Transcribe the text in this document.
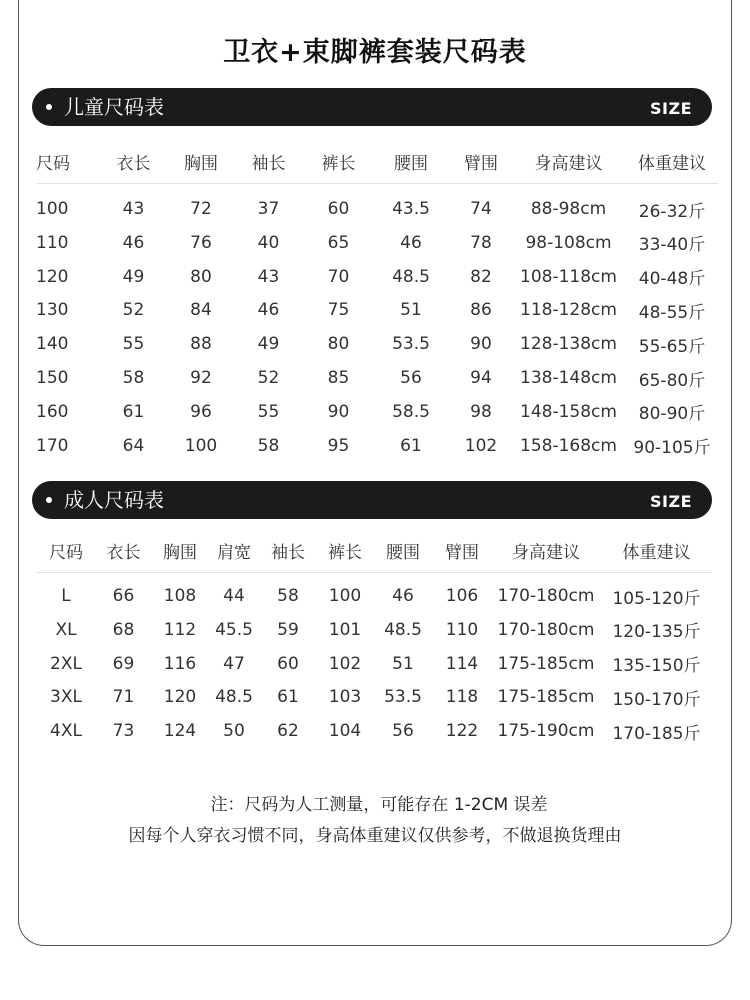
卫衣+束脚裤套装尺码表
儿童尺码表	SIZE
尺码	衣长	胸围	袖长	裤长	腰围	臂围	身高建议	体重建议
100	43	72	37	60	43.5	74	88-98cm	26-32斤
110	46	76	40	65	46	78	98-108cm	33-40斤
120	49	80	43	70	48.5	82	108-118cm	40-48斤
130	52	84	46	75	51	86	118-128cm	48-55斤
140	55	88	49	80	53.5	90	128-138cm	55-65斤
150	58	92	52	85	56	94	138-148cm	65-80斤
160	61	96	55	90	58.5	98	148-158cm	80-90斤
170	64	100	58	95	61	102	158-168cm	90-105斤
成人尺码表	SIZE
尺码	衣长	胸围	肩宽	袖长	裤长	腰围	臂围	身高建议	体重建议
L	66	108	44	58	100	46	106	170-180cm	105-120斤
XL	68	112	45.5	59	101	48.5	110	170-180cm	120-135斤
2XL	69	116	47	60	102	51	114	175-185cm	135-150斤
3XL	71	120	48.5	61	103	53.5	118	175-185cm	150-170斤
4XL	73	124	50	62	104	56	122	175-190cm	170-185斤
注：尺码为人工测量，可能存在 1-2CM 误差
因每个人穿衣习惯不同，身高体重建议仅供参考，不做退换货理由
